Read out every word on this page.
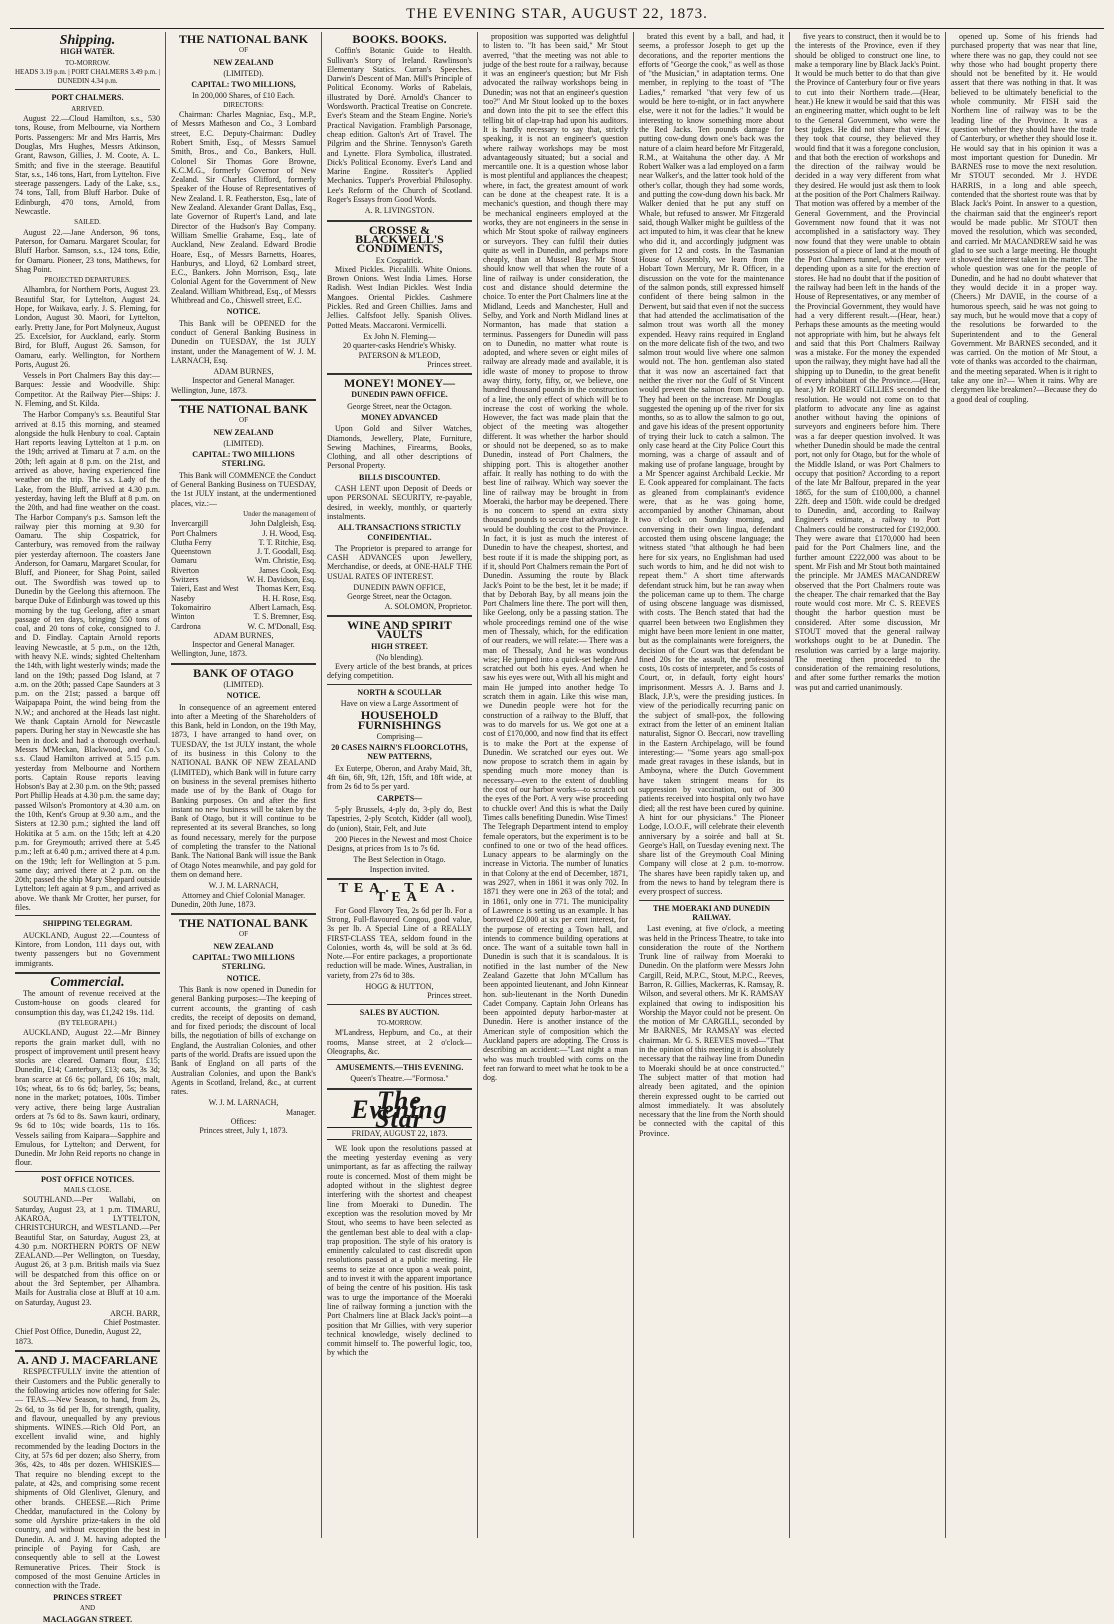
THE EVENING STAR, AUGUST 22, 1873.
Shipping.
HIGH WATER.
TO-MORROW.
HEADS 3.19 p.m. | PORT CHALMERS 3.49 p.m. | DUNEDIN 4.34 p.m.
PORT CHALMERS.
ARRIVED.

August 22.—Cloud Hamilton, s.s., 530 tons, Rouse, from Melbourne, via Northern Ports. Passengers: Mr and Mrs Harris, Mrs Douglas, Mrs Hughes, Messrs Atkinson, Grant, Rawson, Gillies, J. M. Coote, A. L. Smith; and five in the steerage. Beautiful Star, s.s., 146 tons, Hart, from Lyttelton. Five steerage passengers. Lady of the Lake, s.s., 74 tons, Tall, from Bluff Harbor. Duke of Edinburgh, 470 tons, Arnold, from Newcastle.

SAILED.

August 22.—Jane Anderson, 96 tons, Paterson, for Oamaru. Margaret Scoular, for Bluff Harbor. Samson, s.s., 124 tons, Edie, for Oamaru. Pioneer, 23 tons, Matthews, for Shag Point.

PROJECTED DEPARTURES.

Alhambra, for Northern Ports, August 23. Beautiful Star, for Lyttelton, August 24. Hope, for Waikava, early. J. S. Fleming, for London, August 30. Maori, for Lyttelton, early. Pretty Jane, for Port Molyneux, August 25. Excelsior, for Auckland, early. Storm Bird, for Bluff, August 26. Samson, for Oamaru, early. Wellington, for Northern Ports, August 26.

Vessels in Port Chalmers Bay this day:— Barques: Jessie and Woodville. Ship: Competitor. At the Railway Pier—Ships: J. N. Fleming, and St. Kilda.

The Harbor Company's s.s. Beautiful Star arrived at 8.15 this morning, and steamed alongside the hulk Henbury to coal. Captain Hart reports leaving Lyttelton at 1 p.m. on the 19th; arrived at Timaru at 7 a.m. on the 20th; left again at 8 p.m. on the 21st, and arrived as above, having experienced fine weather on the trip. The s.s. Lady of the Lake, from the Bluff, arrived at 4.30 p.m. yesterday, having left the Bluff at 8 p.m. on the 20th, and had fine weather on the coast. The Harbor Company's p.s. Samson left the railway pier this morning at 9.30 for Oamaru. The ship Cospatrick, for Canterbury, was removed from the railway pier yesterday afternoon. The coasters Jane Anderson, for Oamaru, Margaret Scoular, for Bluff, and Pioneer, for Shag Point, sailed out. The Swordfish was towed up to Dunedin by the Geelong this afternoon. The barque Duke of Edinburgh was towed up this morning by the tug Geelong, after a smart passage of ten days, bringing 550 tons of coal, and 20 tons of coke, consigned to J. and D. Findlay. Captain Arnold reports leaving Newcastle, at 5 p.m., on the 12th, with heavy N.E. winds; sighted Cheltenham the 14th, with light westerly winds; made the land on the 19th; passed Dog Island, at 7 a.m. on the 20th; passed Cape Saunders at 3 p.m. on the 21st; passed a barque off Waipapapa Point, the wind being from the N.W.; and anchored at the Heads last night. We thank Captain Arnold for Newcastle papers. During her stay in Newcastle she has been in dock and had a thorough overhaul. Messrs M'Meckan, Blackwood, and Co.'s s.s. Claud Hamilton arrived at 5.15 p.m. yesterday from Melbourne and Northern ports. Captain Rouse reports leaving Hobson's Bay at 2.30 p.m. on the 9th; passed Port Phillip Heads at 4.30 p.m. the same day; passed Wilson's Promontory at 4.30 a.m. on the 10th, Kent's Group at 9.30 a.m., and the Sisters at 12.30 p.m.; sighted the land off Hokitika at 5 a.m. on the 15th; left at 4.20 p.m. for Greymouth; arrived there at 5.45 p.m.; left at 6.40 p.m.; arrived there at 4 p.m. on the 19th; left for Wellington at 5 p.m. same day; arrived there at 2 p.m. on the 20th; passed the ship Mary Sheppard outside Lyttelton; left again at 9 p.m., and arrived as above. We thank Mr Crotter, her purser, for files.

SHIPPING TELEGRAM.

AUCKLAND, August 22.—Countess of Kintore, from London, 111 days out, with twenty passengers but no Government immigrants.

Commercial.

The amount of revenue received at the Custom-house on goods cleared for consumption this day, was £1,242 19s. 11d.

(BY TELEGRAPH.)

AUCKLAND, August 22.—Mr Binney reports the grain market dull, with no prospect of improvement until present heavy stocks are cleared. Oamaru flour, £15; Dunedin, £14; Canterbury, £13; oats, 3s 3d; bran scarce at £6 6s; pollard, £6 10s; malt, 10s; wheat, 6s to 6s 6d; barley, 5s; beans, none in the market; potatoes, 100s. Timber very active, there being large Australian orders at 7s 6d to 8s. Sawn kauri, ordinary, 9s 6d to 10s; wide boards, 11s to 16s. Vessels sailing from Kaipara—Sapphire and Emulous, for Lyttelton; and Derwent, for Dunedin. Mr John Reid reports no change in flour.

POST OFFICE NOTICES.
MAILS CLOSE.

SOUTHLAND.—Per Wallabi, on Saturday, August 23, at 1 p.m. TIMARU, AKAROA, LYTTELTON, CHRISTCHURCH, and WESTLAND.—Per Beautiful Star, on Saturday, August 23, at 4.30 p.m. NORTHERN PORTS OF NEW ZEALAND.—Per Wellington, on Tuesday, August 26, at 3 p.m. British mails via Suez will be despatched from this office on or about the 3rd September, per Alhambra. Mails for Australia close at Bluff at 10 a.m. on Saturday, August 23.

ARCH. BARR,
Chief Postmaster.
Chief Post Office, Dunedin, August 22, 1873.
A. AND J. MACFARLANE

RESPECTFULLY invite the attention of their Customers and the Public generally to the following articles now offering for Sale:— TEAS.—New Season, to hand, from 2s, 2s 6d, to 3s 6d per lb, for strength, quality, and flavour, unequalled by any previous shipments. WINES.—Rich Old Port, an excellent invalid wine, and highly recommended by the leading Doctors in the City, at 57s 6d per dozen; also Sherry, from 36s, 42s, to 48s per dozen. WHISKIES—That require no blending except to the palate, at 42s, and comprising some recent shipments of Old Glenlivet, Glenury, and other brands. CHEESE.—Rich Prime Cheddar, manufactured in the Colony by some old Ayrshire prize-takers in the old country, and without exception the best in Dunedin. A. and J. M. having adopted the principle of Paying for Cash, are consequently able to sell at the Lowest Remunerative Prices. Their Stock is composed of the most Genuine Articles in connection with the Trade.

PRINCES STREET
AND
MACLAGGAN STREET.
THE NATIONAL BANK
OF
NEW ZEALAND
(LIMITED).
CAPITAL: TWO MILLIONS,
In 200,000 Shares, of £10 Each.
DIRECTORS:

Chairman: Charles Magniac, Esq., M.P., of Messrs Matheson and Co., 3 Lombard street, E.C. Deputy-Chairman: Dudley Robert Smith, Esq., of Messrs Samuel Smith, Bros., and Co., Bankers, Hull. Colonel Sir Thomas Gore Browne, K.C.M.G., formerly Governor of New Zealand. Sir Charles Clifford, formerly Speaker of the House of Representatives of New Zealand. I. R. Featherston, Esq., late of New Zealand. Alexander Grant Dallas, Esq., late Governor of Rupert's Land, and late Director of the Hudson's Bay Company. William Smellie Grahame, Esq., late of Auckland, New Zealand. Edward Brodie Hoare, Esq., of Messrs Barnetts, Hoares, Hanburys, and Lloyd, 62 Lombard street, E.C., Bankers. John Morrison, Esq., late Colonial Agent for the Government of New Zealand. William Whitbread, Esq., of Messrs Whitbread and Co., Chiswell street, E.C.

NOTICE.

This Bank will be OPENED for the conduct of General Banking Business in Dunedin on TUESDAY, the 1st JULY instant, under the Management of W. J. M. LARNACH, Esq.

ADAM BURNES,
Inspector and General Manager.
Wellington, June, 1873.
THE NATIONAL BANK
OF
NEW ZEALAND
(LIMITED).
CAPITAL: TWO MILLIONS STERLING.

This Bank will COMMENCE the Conduct of General Banking Business on TUESDAY, the 1st JULY instant, at the undermentioned places, viz.:—

Under the management of
Invercargill	John Dalgleish, Esq.
Port Chalmers	J. H. Wood, Esq.
Clutha Ferry	T. T. Ritchie, Esq.
Queenstown	J. T. Goodall, Esq.
Oamaru	Wm. Christie, Esq.
Riverton	James Cook, Esq.
Switzers	W. H. Davidson, Esq.
Taieri, East and West Thomas Kerr, Esq.
Naseby	H. H. Rose, Esq.
Tokomairiro	Albert Larnach, Esq.
Winton	T. S. Bremner, Esq.
Cardrona	W. C. M'Donall, Esq.
ADAM BURNES,
Inspector and General Manager.
Wellington, June, 1873.
BANK OF OTAGO
(LIMITED).
NOTICE.

In consequence of an agreement entered into after a Meeting of the Shareholders of this Bank, held in London, on the 19th May, 1873, I have arranged to hand over, on TUESDAY, the 1st JULY instant, the whole of its business in this Colony to the NATIONAL BANK OF NEW ZEALAND (LIMITED), which Bank will in future carry on business in the several premises hitherto made use of by the Bank of Otago for Banking purposes. On and after the first instant no new business will be taken by the Bank of Otago, but it will continue to be represented at its several Branches, so long as found necessary, merely for the purpose of completing the transfer to the National Bank. The National Bank will issue the Bank of Otago Notes meanwhile, and pay gold for them on demand here.

W. J. M. LARNACH,
Attorney and Chief Colonial Manager.
Dunedin, 20th June, 1873.
THE NATIONAL BANK
OF
NEW ZEALAND
CAPITAL: TWO MILLIONS STERLING.
NOTICE.

This Bank is now opened in Dunedin for general Banking purposes:—The keeping of current accounts, the granting of cash credits, the receipt of deposits on demand, and for fixed periods; the discount of local bills, the negotiation of bills of exchange on England, the Australian Colonies, and other parts of the world. Drafts are issued upon the Bank of England on all parts of the Australian Colonies, and upon the Bank's Agents in Scotland, Ireland, &c., at current rates.

W. J. M. LARNACH,
Manager.
Offices:
Princes street, July 1, 1873.
BOOKS. BOOKS.

Coffin's Botanic Guide to Health. Sullivan's Story of Ireland. Rawlinson's Elementary Statics. Curran's Speeches. Darwin's Descent of Man. Mill's Principle of Political Economy. Works of Rabelais, illustrated by Doré. Arnold's Chancer to Wordsworth. Practical Treatise on Concrete. Ever's Steam and the Steam Engine. Norie's Practical Navigation. Frambligh Parsonage, cheap edition. Galton's Art of Travel. The Pilgrim and the Shrine. Tennyson's Gareth and Lynette. Flora Symbolica, illustrated. Dick's Political Economy. Ever's Land and Marine Engine. Rossiter's Applied Mechanics. Tupper's Proverbial Philosophy. Lee's Reform of the Church of Scotland. Roger's Essays from Good Words.

A. R. LIVINGSTON.
CROSSE & BLACKWELL'S CONDIMENTS,
Ex Cospatrick.

Mixed Pickles. Piccalilli. White Onions. Brown Onions. West India Limes. Horse Radish. West Indian Pickles. West India Mangoes. Oriental Pickles. Cashmere Pickles. Red and Green Chillies. Jams and Jellies. Calfsfoot Jelly. Spanish Olives. Potted Meats. Maccaroni. Vermicelli.

Ex John N. Fleming—
20 quarter-casks Hendrie's Whisky.
PATERSON & M'LEOD,
Princes street.
MONEY! MONEY—
DUNEDIN PAWN OFFICE.
George Street, near the Octagon.
MONEY ADVANCED

Upon Gold and Silver Watches, Diamonds, Jewellery, Plate, Furniture, Sewing Machines, Firearms, Books, Clothing, and all other descriptions of Personal Property.

BILLS DISCOUNTED.

CASH LENT upon Deposit of Deeds or upon PERSONAL SECURITY, re-payable, desired, in weekly, monthly, or quarterly instalments.

ALL TRANSACTIONS STRICTLY CONFIDENTIAL.

The Proprietor is prepared to arrange for CASH ADVANCES upon Jewellery, Merchandise, or deeds, at ONE-HALF THE USUAL RATES OF INTEREST.

DUNEDIN PAWN OFFICE,
George Street, near the Octagon.
A. SOLOMON, Proprietor.
WINE AND SPIRIT VAULTS
HIGH STREET.
(No blending).

Every article of the best brands, at prices defying competition.

NORTH & SCOULLAR
Have on view a Large Assortment of
HOUSEHOLD FURNISHINGS
Comprising—
20 CASES NAIRN'S FLOORCLOTHS, NEW PATTERNS,

Ex Euterpe, Oberon, and Araby Maid, 3ft, 4ft 6in, 6ft, 9ft, 12ft, 15ft, and 18ft wide, at from 2s 6d to 5s per yard.

CARPETS—

5-ply Brussels, 4-ply do, 3-ply do, Best Tapestries, 2-ply Scotch, Kidder (all wool), do (union), Stair, Felt, and Jute

200 Pieces in the Newest and most Choice Designs, at prices from 1s to 7s 6d.

The Best Selection in Otago.
Inspection invited.
TEA. TEA. TEA

For Good Flavory Tea, 2s 6d per lb. For a Strong, Full-flavoured Congou, good value, 3s per lb. A Special Line of a REALLY FIRST-CLASS TEA, seldom found in the Colonies, worth 4s, will be sold at 3s 6d. Note.—For entire packages, a proportionate reduction will be made. Wines, Australian, in variety, from 27s 6d to 38s.

HOGG & HUTTON,
Princes street.
SALES BY AUCTION.
TO-MORROW.

M'Landress, Hepburn, and Co., at their rooms, Manse street, at 2 o'clock—Oleographs, &c.

AMUSEMENTS.—THIS EVENING.
Queen's Theatre.—"Formosa."
The Evening Star
FRIDAY, AUGUST 22, 1873.

WE look upon the resolutions passed at the meeting yesterday evening as very unimportant, as far as affecting the railway route is concerned. Most of them might be adopted without in the slightest degree interfering with the shortest and cheapest line from Moeraki to Dunedin. The exception was the resolution moved by Mr Stout, who seems to have been selected as the gentleman best able to deal with a clap-trap proposition. The style of his oratory is eminently calculated to cast discredit upon resolutions passed at a public meeting. He seems to seize at once upon a weak point, and to invest it with the apparent importance of being the centre of his position. His task was to urge the importance of the Moeraki line of railway forming a junction with the Port Chalmers line at Black Jack's point—a position that Mr Gillies, with very superior technical knowledge, wisely declined to commit himself to. The powerful logic, too, by which the

proposition was supported was delightful to listen to. "It has been said," Mr Stout averred, "that the meeting was not able to judge of the best route for a railway, because it was an engineer's question; but Mr Fish advocated the railway workshops being in Dunedin; was not that an engineer's question too?" And Mr Stout looked up to the boxes and down into the pit to see the effect this telling bit of clap-trap had upon his auditors. It is hardly necessary to say that, strictly speaking, it is not an engineer's question where railway workshops may be most advantageously situated; but a social and mercantile one. It is a question whose labor is most plentiful and appliances the cheapest; where, in fact, the greatest amount of work can be done at the cheapest rate. It is a mechanic's question, and though there may be mechanical engineers employed at the works, they are not engineers in the sense in which Mr Stout spoke of railway engineers or surveyors. They can fulfil their duties quite as well in Dunedin, and perhaps more cheaply, than at Mussel Bay. Mr Stout should know well that when the route of a line of railway is under consideration, the cost and distance should determine the choice. To enter the Port Chalmers line at the Midland, Leeds and Manchester, Hull and Selby, and York and North Midland lines at Normanton, has made that station a terminus. Passengers for Dunedin will pass on to Dunedin, no matter what route is adopted, and where seven or eight miles of railway are already made and available, it is idle waste of money to propose to throw away thirty, forty, fifty, or, we believe, one hundred thousand pounds in the construction of a line, the only effect of which will be to increase the cost of working the whole. However, the fact was made plain that the object of the meeting was altogether different. It was whether the harbor should or should not be deepened, so as to make Dunedin, instead of Port Chalmers, the shipping port. This is altogether another affair. It really has nothing to do with the best line of railway. Which way soever the line of railway may be brought in from Moeraki, the harbor may be deepened. There is no concern to spend an extra sixty thousand pounds to secure that advantage. It would be doubling the cost to the Province. In fact, it is just as much the interest of Dunedin to have the cheapest, shortest, and best route if it is made the shipping port, as if it, should Port Chalmers remain the Port of Dunedin. Assuming the route by Black Jack's Point to be the best, let it be made; if that by Deborah Bay, by all means join the Port Chalmers line there. The port will then, like Geelong, only be a passing station. The whole proceedings remind one of the wise men of Thessaly, which, for the edification of our readers, we will relate:— There was a man of Thessaly, And he was wondrous wise; He jumped into a quick-set hedge And scratched out both his eyes. And when he saw his eyes were out, With all his might and main He jumped into another hedge To scratch them in again. Like this wise man, we Dunedin people were hot for the construction of a railway to the Bluff, that was to do marvels for us. We got one at a cost of £170,000, and now find that its effect is to make the Port at the expense of Dunedin. We scratched our eyes out. We now propose to scratch them in again by spending much more money than is necessary—even to the extent of doubling the cost of our harbor works—to scratch out the eyes of the Port. A very wise proceeding to chuckle over! And this is what the Daily Times calls benefiting Dunedin. Wise Times! The Telegraph Department intend to employ female operators, but the experiment is to be confined to one or two of the head offices. Lunacy appears to be alarmingly on the increase in Victoria. The number of lunatics in that Colony at the end of December, 1871, was 2927, when in 1861 it was only 702. In 1871 they were one in 263 of the total; and in 1861, only one in 771. The municipality of Lawrence is setting us an example. It has borrowed £2,000 at six per cent interest, for the purpose of erecting a Town hall, and intends to commence building operations at once. The want of a suitable town hall in Dunedin is such that it is scandalous. It is notified in the last number of the New Zealand Gazette that John M'Callum has been appointed lieutenant, and John Kinnear hon. sub-lieutenant in the North Dunedin Cadet Company. Captain John Orleans has been appointed deputy harbor-master at Dunedin. Here is another instance of the American style of composition which the Auckland papers are adopting. The Cross is describing an accident:—"Last night a man who was much troubled with corns on the feet ran forward to meet what he took to be a dog.

brated this event by a ball, and had, it seems, a professor Joseph to get up the decorations, and the reporter mentions the efforts of "George the cook," as well as those of "the Musician," in adaptation terms. One member, in replying to the toast of "The Ladies," remarked "that very few of us would be here to-night, or in fact anywhere else, were it not for the ladies." It would be interesting to know something more about the Red Jacks. Ten pounds damage for putting cow-dung down one's back was the nature of a claim heard before Mr Fitzgerald, R.M., at Waitahuna the other day. A Mr Robert Walker was a lad employed on a farm near Walker's, and the latter took hold of the other's collar, though they had some words, and putting the cow-dung down his back. Mr Walker denied that he put any stuff on Whale, but refused to answer. Mr Fitzgerald said, though Walker might be guiltless of the act imputed to him, it was clear that he knew who did it, and accordingly judgment was given for 12 and costs. In the Tasmanian House of Assembly, we learn from the Hobart Town Mercury, Mr R. Officer, in a discussion on the vote for the maintenance of the salmon ponds, still expressed himself confident of there being salmon in the Derwent, but said that even if not the success that had attended the acclimatisation of the salmon trout was worth all the money expended. Heavy rains required in England on the more delicate fish of the two, and two salmon trout would live where one salmon would not. The hon. gentleman also stated that it was now an ascertained fact that neither the river nor the Gulf of St Vincent would prevent the salmon from running up. They had been on the increase. Mr Douglas suggested the opening up of the river for six months, so as to allow the salmon to go out, and gave his ideas of the present opportunity of trying their luck to catch a salmon. The only case heard at the City Police Court this morning, was a charge of assault and of making use of profane language, brought by a Mr Spencer against Archibald Leckie. Mr E. Cook appeared for complainant. The facts as gleaned from complainant's evidence were, that as he was going home, accompanied by another Chinaman, about two o'clock on Sunday morning, and conversing in their own lingua, defendant accosted them using obscene language; the witness stated "that although he had been here for six years, no Englishman had used such words to him, and he did not wish to repeat them." A short time afterwards defendant struck him, but he ran away when the policeman came up to them. The charge of using obscene language was dismissed, with costs. The Bench stated that had the quarrel been between two Englishmen they might have been more lenient in one matter, but as the complainants were foreigners, the decision of the Court was that defendant be fined 20s for the assault, the professional costs, 10s costs of interpreter, and 5s costs of Court, or, in default, forty eight hours' imprisonment. Messrs A. J. Barns and J. Black, J.P.'s, were the presiding justices. In view of the periodically recurring panic on the subject of small-pox, the following extract from the letter of an eminent Italian naturalist, Signor O. Beccari, now travelling in the Eastern Archipelago, will be found interesting:— "Some years ago small-pox made great ravages in these islands, but in Amboyna, where the Dutch Government have taken stringent means for its suppression by vaccination, out of 300 patients received into hospital only two have died; all the rest have been cured by quinine. A hint for our physicians." The Pioneer Lodge, I.O.O.F., will celebrate their eleventh anniversary by a soirée and ball at St. George's Hall, on Tuesday evening next. The share list of the Greymouth Coal Mining Company will close at 2 p.m. to-morrow. The shares have been rapidly taken up, and from the news to hand by telegram there is every prospect of success.

THE MOERAKI AND DUNEDIN RAILWAY.

Last evening, at five o'clock, a meeting was held in the Princess Theatre, to take into consideration the route of the Northern Trunk line of railway from Moeraki to Dunedin. On the platform were Messrs John Cargill, Reid, M.P.C., Stout, M.P.C., Reeves, Barron, R. Gillies, Mackerras, K. Ramsay, R. Wilson, and several others. Mr K. RAMSAY explained that owing to indisposition his Worship the Mayor could not be present. On the motion of Mr CARGILL, seconded by Mr BARNES, Mr RAMSAY was elected chairman. Mr G. S. REEVES moved—"That in the opinion of this meeting it is absolutely necessary that the railway line from Dunedin to Moeraki should be at once constructed." The subject matter of that motion had already been agitated, and the opinion therein expressed ought to be carried out almost immediately. It was absolutely necessary that the line from the North should be connected with the capital of this Province.

five years to construct, then it would be to the interests of the Province, even if they should be obliged to construct one line, to make a temporary line by Black Jack's Point. It would be much better to do that than give the Province of Canterbury four or five years to cut into their Northern trade.—(Hear, hear.) He knew it would be said that this was an engineering matter, which ought to be left to the General Government, who were the best judges. He did not share that view. If they took that course, they believed they would find that it was a foregone conclusion, and that both the erection of workshops and the direction of the railway would be decided in a way very different from what they desired. He would just ask them to look at the position of the Port Chalmers Railway. That motion was offered by a member of the General Government, and the Provincial Government now found that it was not accomplished in a satisfactory way. They now found that they were unable to obtain possession of a piece of land at the mouth of the Port Chalmers tunnel, which they were depending upon as a site for the erection of stores. He had no doubt that if the position of the railway had been left in the hands of the House of Representatives, or any member of the Provincial Government, they would have had a very different result.—(Hear, hear.) Perhaps these amounts as the meeting would not appropriate with him, but he always felt and said that this Port Chalmers Railway was a mistake. For the money the expended upon the railway, they might have had all the shipping up to Dunedin, to the great benefit of every inhabitant of the Province.—(Hear, hear.) Mr ROBERT GILLIES seconded the resolution. He would not come on to that platform to advocate any line as against another without having the opinions of surveyors and engineers before him. There was a far deeper question involved. It was whether Dunedin should be made the central port, not only for Otago, but for the whole of the Middle Island, or was Port Chalmers to occupy that position? According to a report of the late Mr Balfour, prepared in the year 1865, for the sum of £100,000, a channel 22ft. deep and 150ft. wide could be dredged to Dunedin, and, according to Railway Engineer's estimate, a railway to Port Chalmers could be constructed for £192,000. They were aware that £170,000 had been paid for the Port Chalmers line, and the further amount £222,000 was about to be spent. Mr Fish and Mr Stout both maintained the principle. Mr JAMES MACANDREW observed that the Port Chalmers route was the cheaper. The chair remarked that the Bay route would cost more. Mr C. S. REEVES thought the harbor question must be considered. After some discussion, Mr STOUT moved that the general railway workshops ought to be at Dunedin. The resolution was carried by a large majority. The meeting then proceeded to the consideration of the remaining resolutions, and after some further remarks the motion was put and carried unanimously.

opened up. Some of his friends had purchased property that was near that line, where there was no gap, they could not see why those who had bought property there should not be benefited by it. He would assert that there was nothing in that. It was believed to be ultimately beneficial to the whole community. Mr FISH said the Northern line of railway was to be the leading line of the Province. It was a question whether they should have the trade of Canterbury, or whether they should lose it. He would say that in his opinion it was a most important question for Dunedin. Mr BARNES rose to move the next resolution. Mr STOUT seconded. Mr J. HYDE HARRIS, in a long and able speech, contended that the shortest route was that by Black Jack's Point. In answer to a question, the chairman said that the engineer's report would be made public. Mr STOUT then moved the resolution, which was seconded, and carried. Mr MACANDREW said he was glad to see such a large meeting. He thought it showed the interest taken in the matter. The whole question was one for the people of Dunedin, and he had no doubt whatever that they would decide it in a proper way. (Cheers.) Mr DAVIE, in the course of a humorous speech, said he was not going to say much, but he would move that a copy of the resolutions be forwarded to the Superintendent and to the General Government. Mr BARNES seconded, and it was carried. On the motion of Mr Stout, a vote of thanks was accorded to the chairman, and the meeting separated. When is it right to take any one in?— When it rains. Why are clergymen like breakmen?—Because they do a good deal of coupling.
